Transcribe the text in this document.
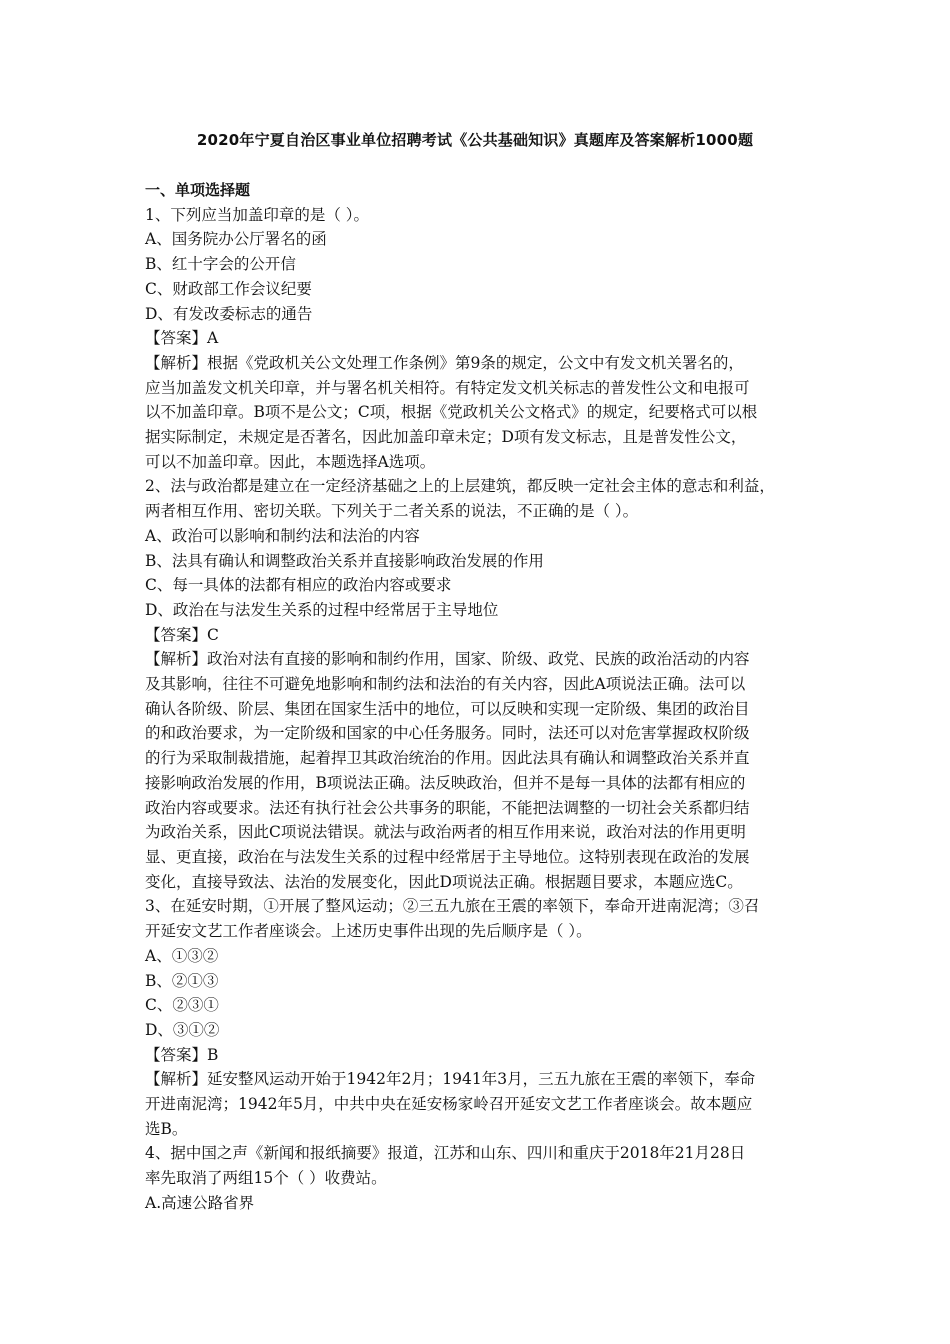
2020年宁夏自治区事业单位招聘考试《公共基础知识》真题库及答案解析1000题
一、单项选择题
1、下列应当加盖印章的是（ ）。
A、国务院办公厅署名的函
B、红十字会的公开信
C、财政部工作会议纪要
D、有发改委标志的通告
【答案】A
【解析】根据《党政机关公文处理工作条例》第9条的规定，公文中有发文机关署名的，
应当加盖发文机关印章，并与署名机关相符。有特定发文机关标志的普发性公文和电报可
以不加盖印章。B项不是公文；C项，根据《党政机关公文格式》的规定，纪要格式可以根
据实际制定，未规定是否著名，因此加盖印章未定；D项有发文标志，且是普发性公文，
可以不加盖印章。因此，本题选择A选项。
2、法与政治都是建立在一定经济基础之上的上层建筑，都反映一定社会主体的意志和利益，
两者相互作用、密切关联。下列关于二者关系的说法，不正确的是（ ）。
A、政治可以影响和制约法和法治的内容
B、法具有确认和调整政治关系并直接影响政治发展的作用
C、每一具体的法都有相应的政治内容或要求
D、政治在与法发生关系的过程中经常居于主导地位
【答案】C
【解析】政治对法有直接的影响和制约作用，国家、阶级、政党、民族的政治活动的内容
及其影响，往往不可避免地影响和制约法和法治的有关内容，因此A项说法正确。法可以
确认各阶级、阶层、集团在国家生活中的地位，可以反映和实现一定阶级、集团的政治目
的和政治要求，为一定阶级和国家的中心任务服务。同时，法还可以对危害掌握政权阶级
的行为采取制裁措施，起着捍卫其政治统治的作用。因此法具有确认和调整政治关系并直
接影响政治发展的作用，B项说法正确。法反映政治，但并不是每一具体的法都有相应的
政治内容或要求。法还有执行社会公共事务的职能，不能把法调整的一切社会关系都归结
为政治关系，因此C项说法错误。就法与政治两者的相互作用来说，政治对法的作用更明
显、更直接，政治在与法发生关系的过程中经常居于主导地位。这特别表现在政治的发展
变化，直接导致法、法治的发展变化，因此D项说法正确。根据题目要求，本题应选C。
3、在延安时期，①开展了整风运动；②三五九旅在王震的率领下，奉命开进南泥湾；③召
开延安文艺工作者座谈会。上述历史事件出现的先后顺序是（ ）。
A、①③②
B、②①③
C、②③①
D、③①②
【答案】B
【解析】延安整风运动开始于1942年2月；1941年3月，三五九旅在王震的率领下，奉命
开进南泥湾；1942年5月，中共中央在延安杨家岭召开延安文艺工作者座谈会。故本题应
选B。
4、据中国之声《新闻和报纸摘要》报道，江苏和山东、四川和重庆于2018年21月28日
率先取消了两组15个（ ）收费站。
A.高速公路省界
